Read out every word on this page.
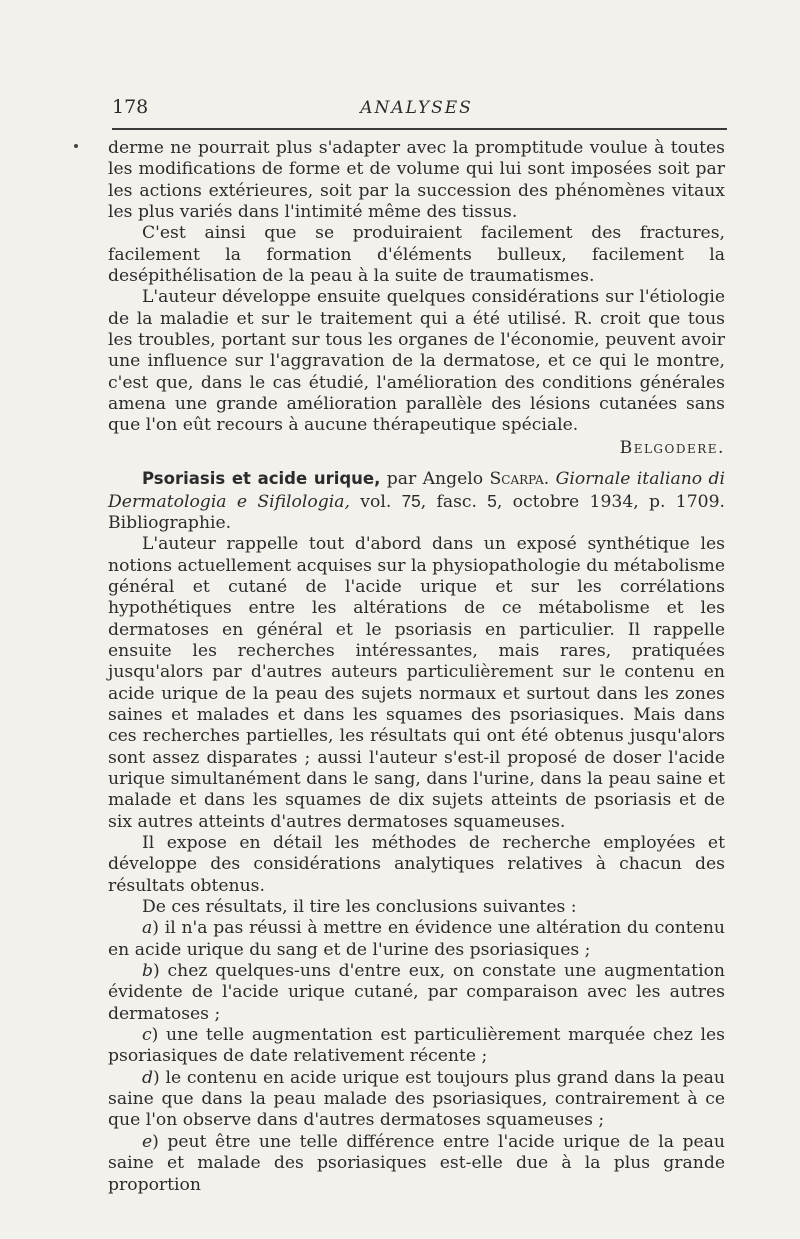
178	ANALYSES

derme ne pourrait plus s'adapter avec la promptitude voulue à toutes les modifications de forme et de volume qui lui sont imposées soit par les actions extérieures, soit par la succession des phénomènes vitaux les plus variés dans l'intimité même des tissus.

C'est ainsi que se produiraient facilement des fractures, facilement la formation d'éléments bulleux, facilement la desépithélisation de la peau à la suite de traumatismes.

L'auteur développe ensuite quelques considérations sur l'étiologie de la maladie et sur le traitement qui a été utilisé. R. croit que tous les troubles, portant sur tous les organes de l'économie, peuvent avoir une influence sur l'aggravation de la dermatose, et ce qui le montre, c'est que, dans le cas étudié, l'amélioration des conditions générales amena une grande amélioration parallèle des lésions cutanées sans que l'on eût recours à aucune thérapeutique spéciale.

Belgodere.

Psoriasis et acide urique, par Angelo Scarpa. Giornale italiano di Dermatologia e Sifilologia, vol. 75, fasc. 5, octobre 1934, p. 1709. Bibliographie.

L'auteur rappelle tout d'abord dans un exposé synthétique les notions actuellement acquises sur la physiopathologie du métabolisme général et cutané de l'acide urique et sur les corrélations hypothétiques entre les altérations de ce métabolisme et les dermatoses en général et le psoriasis en particulier. Il rappelle ensuite les recherches intéressantes, mais rares, pratiquées jusqu'alors par d'autres auteurs particulièrement sur le contenu en acide urique de la peau des sujets normaux et surtout dans les zones saines et malades et dans les squames des psoriasiques. Mais dans ces recherches partielles, les résultats qui ont été obtenus jusqu'alors sont assez disparates ; aussi l'auteur s'est-il proposé de doser l'acide urique simultanément dans le sang, dans l'urine, dans la peau saine et malade et dans les squames de dix sujets atteints de psoriasis et de six autres atteints d'autres dermatoses squameuses.

Il expose en détail les méthodes de recherche employées et développe des considérations analytiques relatives à chacun des résultats obtenus.

De ces résultats, il tire les conclusions suivantes :

a) il n'a pas réussi à mettre en évidence une altération du contenu en acide urique du sang et de l'urine des psoriasiques ;

b) chez quelques-uns d'entre eux, on constate une augmentation évidente de l'acide urique cutané, par comparaison avec les autres dermatoses ;

c) une telle augmentation est particulièrement marquée chez les psoriasiques de date relativement récente ;

d) le contenu en acide urique est toujours plus grand dans la peau saine que dans la peau malade des psoriasiques, contrairement à ce que l'on observe dans d'autres dermatoses squameuses ;

e) peut être une telle différence entre l'acide urique de la peau saine et malade des psoriasiques est-elle due à la plus grande proportion
